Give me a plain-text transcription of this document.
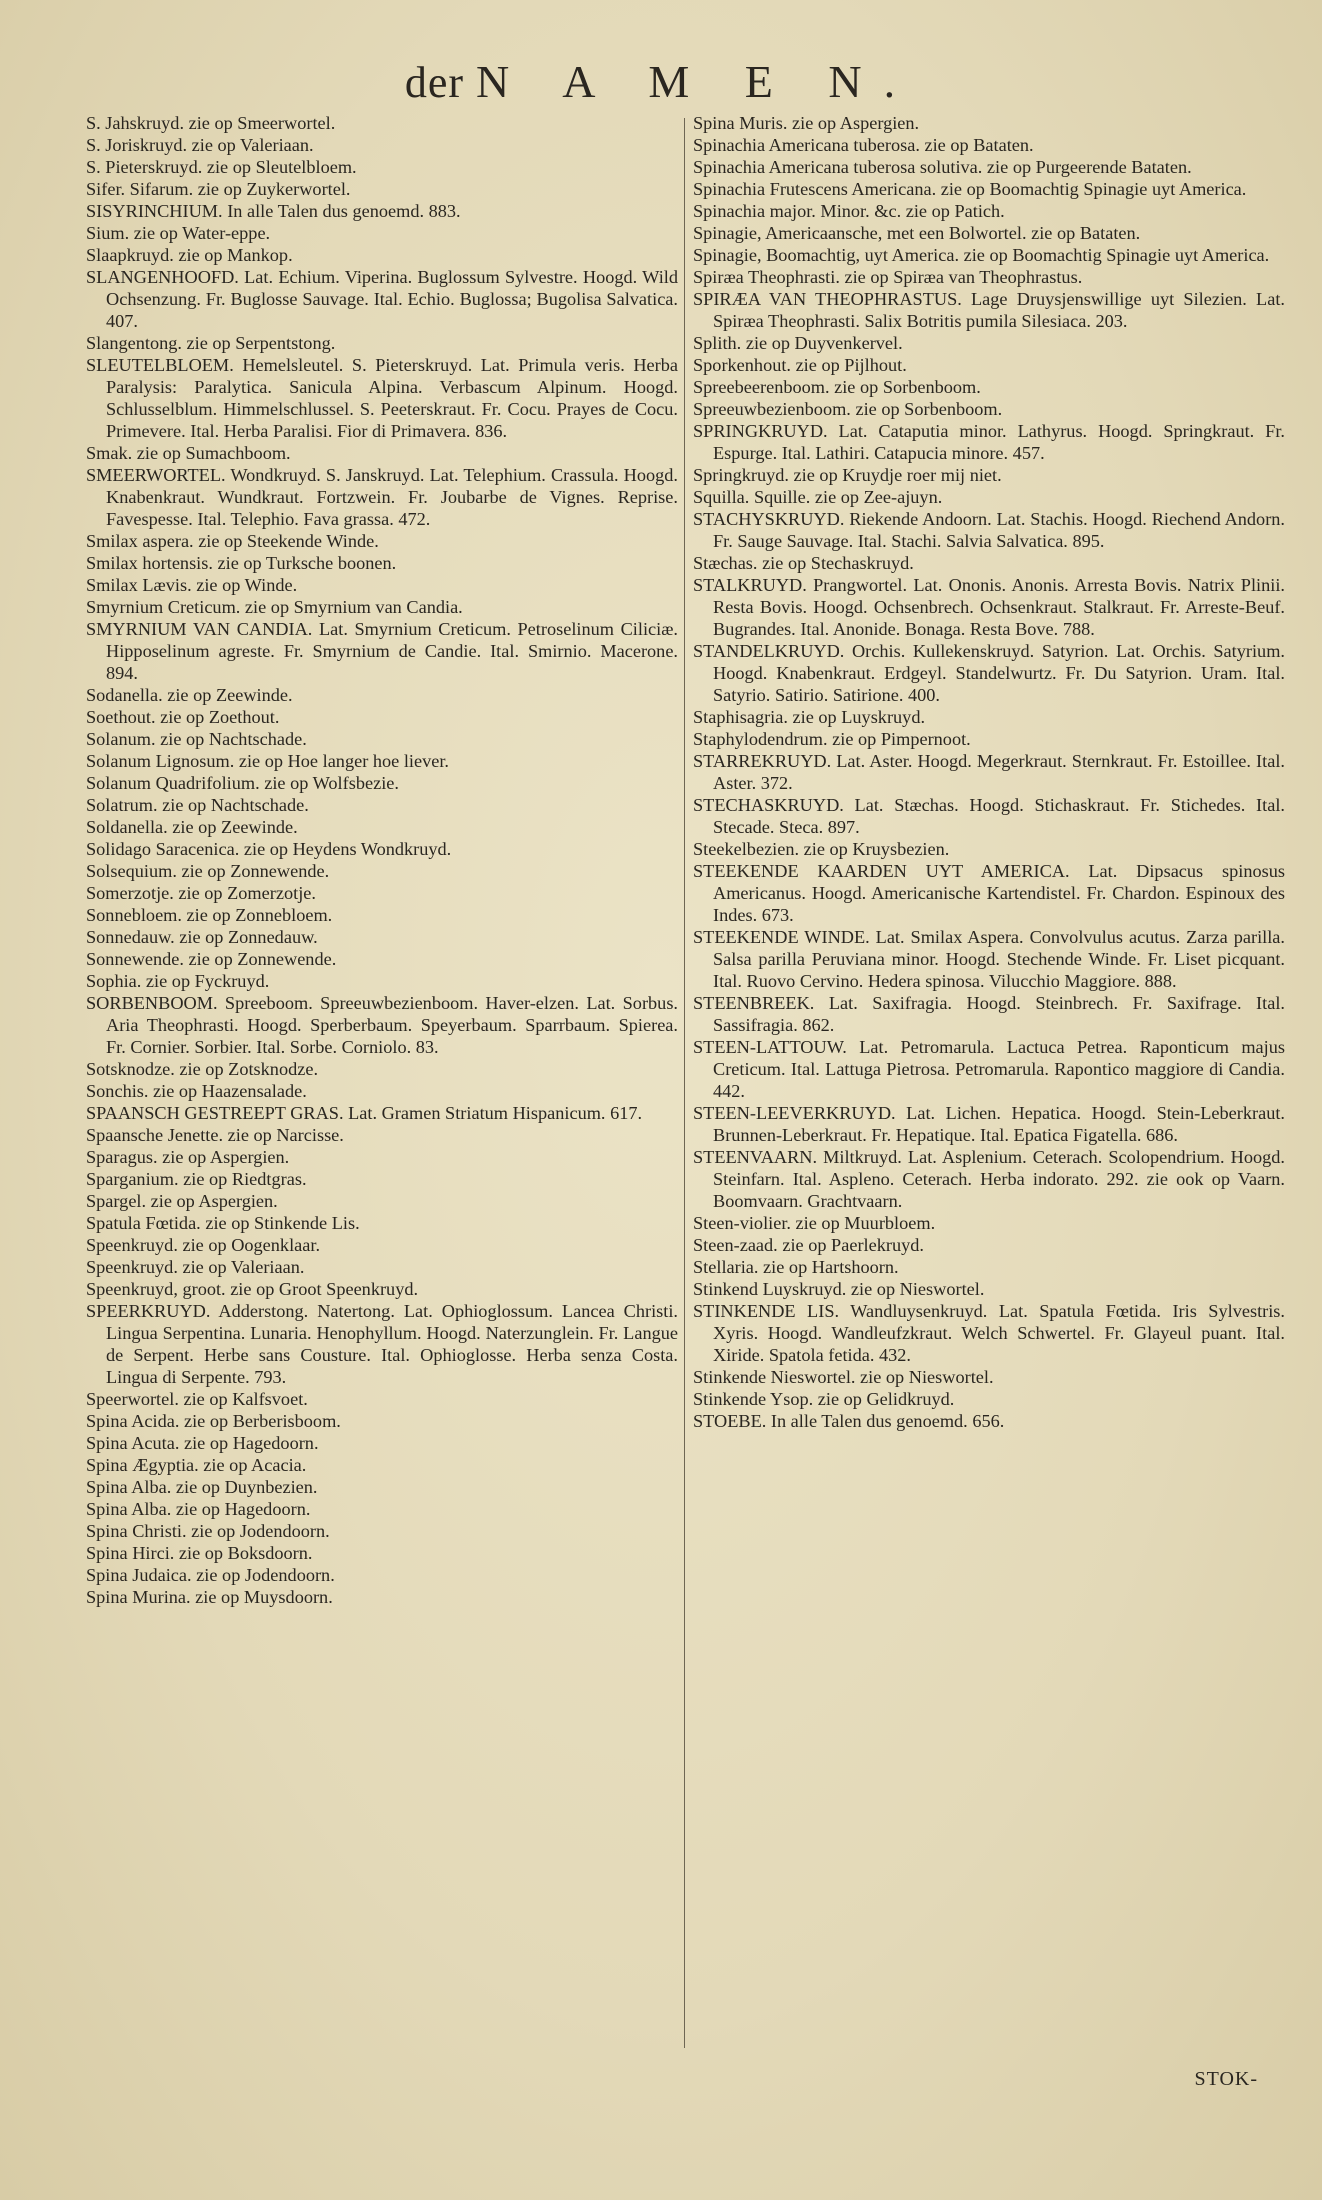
der N A M E N.
S. Jahskruyd. zie op Smeerwortel.
S. Joriskruyd. zie op Valeriaan.
S. Pieterskruyd. zie op Sleutelbloem.
Sifer. Sifarum. zie op Zuykerwortel.
SISYRINCHIUM. In alle Talen dus genoemd. 883.
Sium. zie op Water-eppe.
Slaapkruyd. zie op Mankop.
SLANGENHOOFD. Lat. Echium. Viperina. Buglossum Sylvestre. Hoogd. Wild Ochsenzung. Fr. Buglosse Sauvage. Ital. Echio. Buglossa; Bugolisa Salvatica. 407.
Slangentong. zie op Serpentstong.
SLEUTELBLOEM. Hemelsleutel. S. Pieterskruyd. Lat. Primula veris. Herba Paralysis: Paralytica. Sanicula Alpina. Verbascum Alpinum. Hoogd. Schlusselblum. Himmelschlussel. S. Peeterskraut. Fr. Cocu. Prayes de Cocu. Primevere. Ital. Herba Paralisi. Fior di Primavera. 836.
Smak. zie op Sumachboom.
SMEERWORTEL. Wondkruyd. S. Janskruyd. Lat. Telephium. Crassula. Hoogd. Knabenkraut. Wundkraut. Fortzwein. Fr. Joubarbe de Vignes. Reprise. Favespesse. Ital. Telephio. Fava grassa. 472.
Smilax aspera. zie op Steekende Winde.
Smilax hortensis. zie op Turksche boonen.
Smilax Lævis. zie op Winde.
Smyrnium Creticum. zie op Smyrnium van Candia.
SMYRNIUM VAN CANDIA. Lat. Smyrnium Creticum. Petroselinum Ciliciæ. Hipposelinum agreste. Fr. Smyrnium de Candie. Ital. Smirnio. Macerone. 894.
Sodanella. zie op Zeewinde.
Soethout. zie op Zoethout.
Solanum. zie op Nachtschade.
Solanum Lignosum. zie op Hoe langer hoe liever.
Solanum Quadrifolium. zie op Wolfsbezie.
Solatrum. zie op Nachtschade.
Soldanella. zie op Zeewinde.
Solidago Saracenica. zie op Heydens Wondkruyd.
Solsequium. zie op Zonnewende.
Somerzotje. zie op Zomerzotje.
Sonnebloem. zie op Zonnebloem.
Sonnedauw. zie op Zonnedauw.
Sonnewende. zie op Zonnewende.
Sophia. zie op Fyckruyd.
SORBENBOOM. Spreeboom. Spreeuwbezienboom. Haver-elzen. Lat. Sorbus. Aria Theophrasti. Hoogd. Sperberbaum. Speyerbaum. Sparrbaum. Spierea. Fr. Cornier. Sorbier. Ital. Sorbe. Corniolo. 83.
Sotsknodze. zie op Zotsknodze.
Sonchis. zie op Haazensalade.
SPAANSCH GESTREEPT GRAS. Lat. Gramen Striatum Hispanicum. 617.
Spaansche Jenette. zie op Narcisse.
Sparagus. zie op Aspergien.
Sparganium. zie op Riedtgras.
Spargel. zie op Aspergien.
Spatula Fœtida. zie op Stinkende Lis.
Speenkruyd. zie op Oogenklaar.
Speenkruyd. zie op Valeriaan.
Speenkruyd, groot. zie op Groot Speenkruyd.
SPEERKRUYD. Adderstong. Natertong. Lat. Ophioglossum. Lancea Christi. Lingua Serpentina. Lunaria. Henophyllum. Hoogd. Naterzunglein. Fr. Langue de Serpent. Herbe sans Cousture. Ital. Ophioglosse. Herba senza Costa. Lingua di Serpente. 793.
Speerwortel. zie op Kalfsvoet.
Spina Acida. zie op Berberisboom.
Spina Acuta. zie op Hagedoorn.
Spina Ægyptia. zie op Acacia.
Spina Alba. zie op Duynbezien.
Spina Alba. zie op Hagedoorn.
Spina Christi. zie op Jodendoorn.
Spina Hirci. zie op Boksdoorn.
Spina Judaica. zie op Jodendoorn.
Spina Murina. zie op Muysdoorn.
Spina Muris. zie op Aspergien.
Spinachia Americana tuberosa. zie op Bataten.
Spinachia Americana tuberosa solutiva. zie op Purgeerende Bataten.
Spinachia Frutescens Americana. zie op Boomachtig Spinagie uyt America.
Spinachia major. Minor. &c. zie op Patich.
Spinagie, Americaansche, met een Bolwortel. zie op Bataten.
Spinagie, Boomachtig, uyt America. zie op Boomachtig Spinagie uyt America.
Spiræa Theophrasti. zie op Spiræa van Theophrastus.
SPIRÆA VAN THEOPHRASTUS. Lage Druysjenswillige uyt Silezien. Lat. Spiræa Theophrasti. Salix Botritis pumila Silesiaca. 203.
Splith. zie op Duyvenkervel.
Sporkenhout. zie op Pijlhout.
Spreebeerenboom. zie op Sorbenboom.
Spreeuwbezienboom. zie op Sorbenboom.
SPRINGKRUYD. Lat. Cataputia minor. Lathyrus. Hoogd. Springkraut. Fr. Espurge. Ital. Lathiri. Catapucia minore. 457.
Springkruyd. zie op Kruydje roer mij niet.
Squilla. Squille. zie op Zee-ajuyn.
STACHYSKRUYD. Riekende Andoorn. Lat. Stachis. Hoogd. Riechend Andorn. Fr. Sauge Sauvage. Ital. Stachi. Salvia Salvatica. 895.
Stæchas. zie op Stechaskruyd.
STALKRUYD. Prangwortel. Lat. Ononis. Anonis. Arresta Bovis. Natrix Plinii. Resta Bovis. Hoogd. Ochsenbrech. Ochsenkraut. Stalkraut. Fr. Arreste-Beuf. Bugrandes. Ital. Anonide. Bonaga. Resta Bove. 788.
STANDELKRUYD. Orchis. Kullekenskruyd. Satyrion. Lat. Orchis. Satyrium. Hoogd. Knabenkraut. Erdgeyl. Standelwurtz. Fr. Du Satyrion. Uram. Ital. Satyrio. Satirio. Satirione. 400.
Staphisagria. zie op Luyskruyd.
Staphylodendrum. zie op Pimpernoot.
STARREKRUYD. Lat. Aster. Hoogd. Megerkraut. Sternkraut. Fr. Estoillee. Ital. Aster. 372.
STECHASKRUYD. Lat. Stæchas. Hoogd. Stichaskraut. Fr. Stichedes. Ital. Stecade. Steca. 897.
Steekelbezien. zie op Kruysbezien.
STEEKENDE KAARDEN UYT AMERICA. Lat. Dipsacus spinosus Americanus. Hoogd. Americanische Kartendistel. Fr. Chardon. Espinoux des Indes. 673.
STEEKENDE WINDE. Lat. Smilax Aspera. Convolvulus acutus. Zarza parilla. Salsa parilla Peruviana minor. Hoogd. Stechende Winde. Fr. Liset picquant. Ital. Ruovo Cervino. Hedera spinosa. Vilucchio Maggiore. 888.
STEENBREEK. Lat. Saxifragia. Hoogd. Steinbrech. Fr. Saxifrage. Ital. Sassifragia. 862.
STEEN-LATTOUW. Lat. Petromarula. Lactuca Petrea. Raponticum majus Creticum. Ital. Lattuga Pietrosa. Petromarula. Rapontico maggiore di Candia. 442.
STEEN-LEEVERKRUYD. Lat. Lichen. Hepatica. Hoogd. Stein-Leberkraut. Brunnen-Leberkraut. Fr. Hepatique. Ital. Epatica Figatella. 686.
STEENVAARN. Miltkruyd. Lat. Asplenium. Ceterach. Scolopendrium. Hoogd. Steinfarn. Ital. Aspleno. Ceterach. Herba indorato. 292. zie ook op Vaarn. Boomvaarn. Grachtvaarn.
Steen-violier. zie op Muurbloem.
Steen-zaad. zie op Paerlekruyd.
Stellaria. zie op Hartshoorn.
Stinkend Luyskruyd. zie op Nieswortel.
STINKENDE LIS. Wandluysenkruyd. Lat. Spatula Fœtida. Iris Sylvestris. Xyris. Hoogd. Wandleufzkraut. Welch Schwertel. Fr. Glayeul puant. Ital. Xiride. Spatola fetida. 432.
Stinkende Nieswortel. zie op Nieswortel.
Stinkende Ysop. zie op Gelidkruyd.
STOEBE. In alle Talen dus genoemd. 656.
STOK-
